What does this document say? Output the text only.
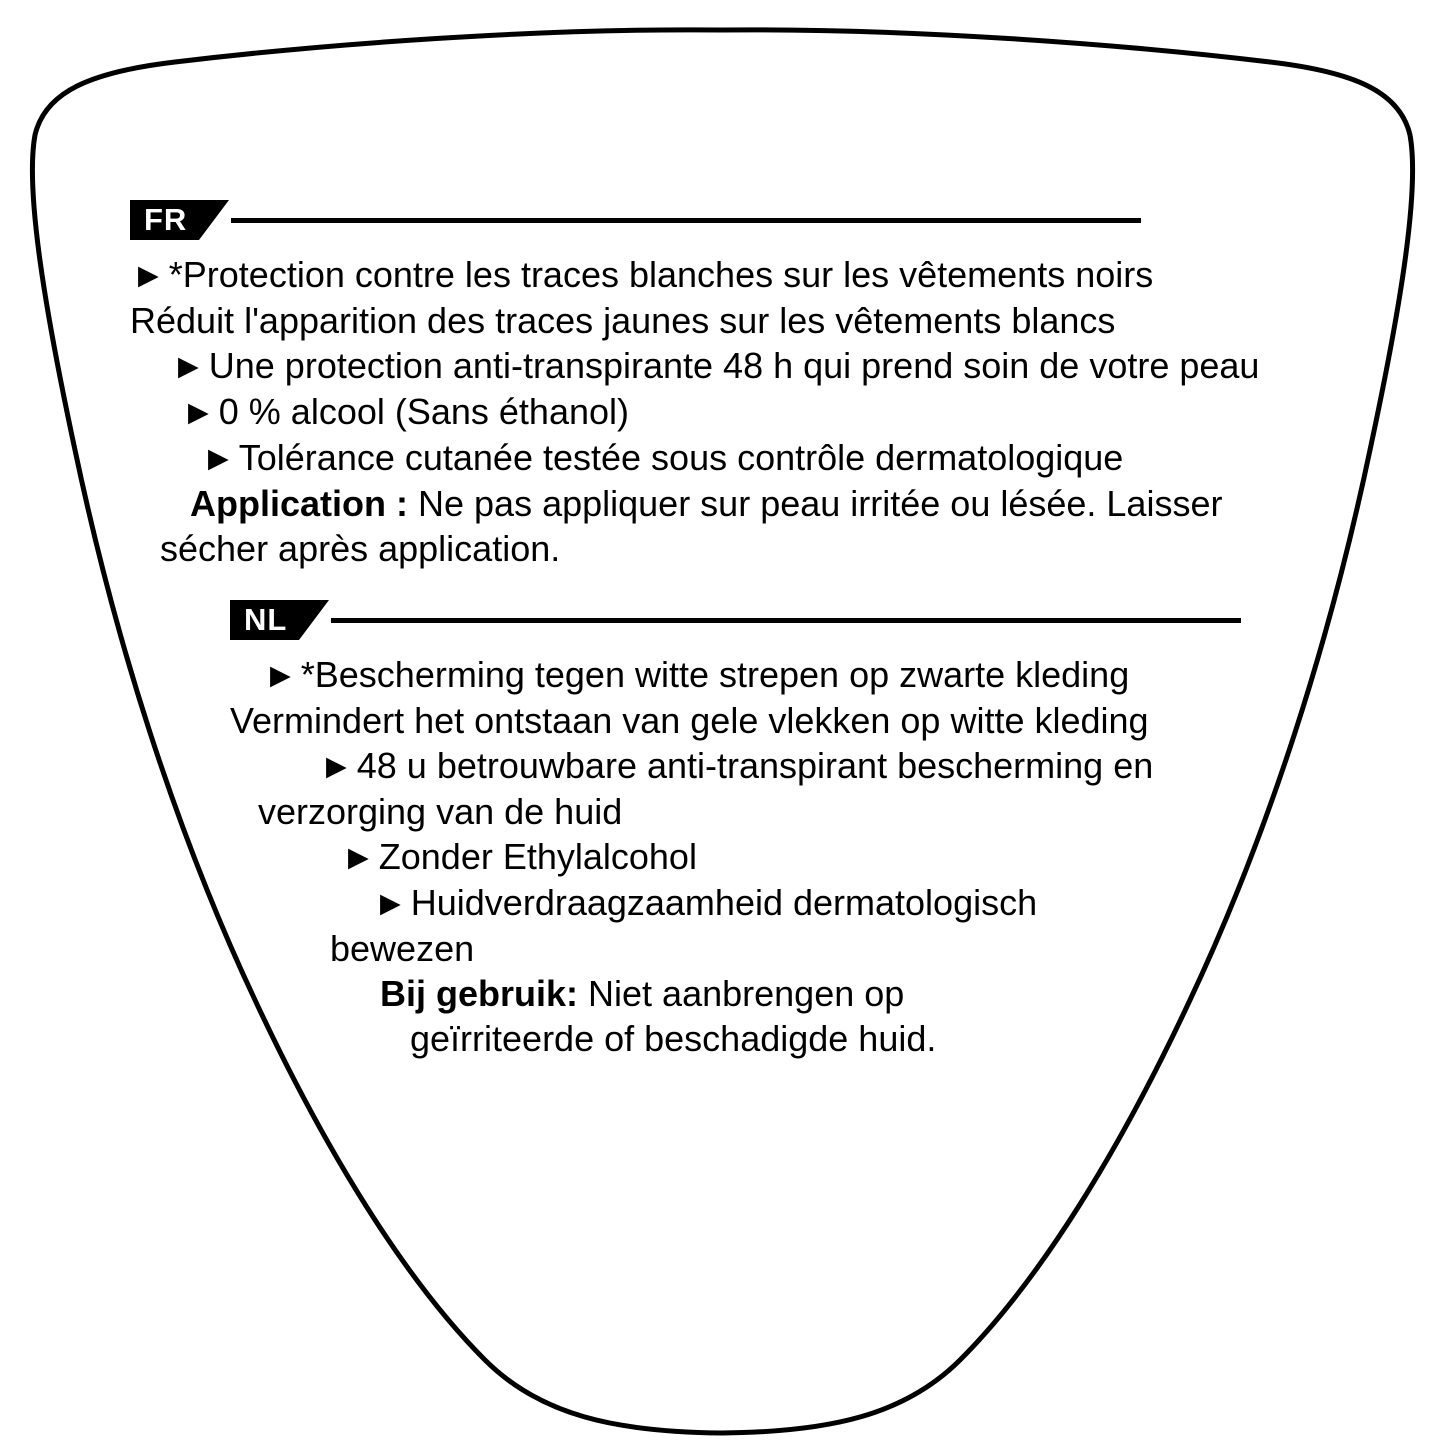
FR
▶ *Protection contre les traces blanches sur les vêtements noirs
Réduit l'apparition des traces jaunes sur les vêtements blancs
▶ Une protection anti-transpirante 48 h qui prend soin de votre peau
▶ 0 % alcool (Sans éthanol)
▶ Tolérance cutanée testée sous contrôle dermatologique
Application : Ne pas appliquer sur peau irritée ou lésée. Laisser
sécher après application.
NL
▶ *Bescherming tegen witte strepen op zwarte kleding
Vermindert het ontstaan van gele vlekken op witte kleding
▶ 48 u betrouwbare anti-transpirant bescherming en
verzorging van de huid
▶ Zonder Ethylalcohol
▶ Huidverdraagzaamheid dermatologisch
bewezen
Bij gebruik: Niet aanbrengen op
geïrriteerde of beschadigde huid.
